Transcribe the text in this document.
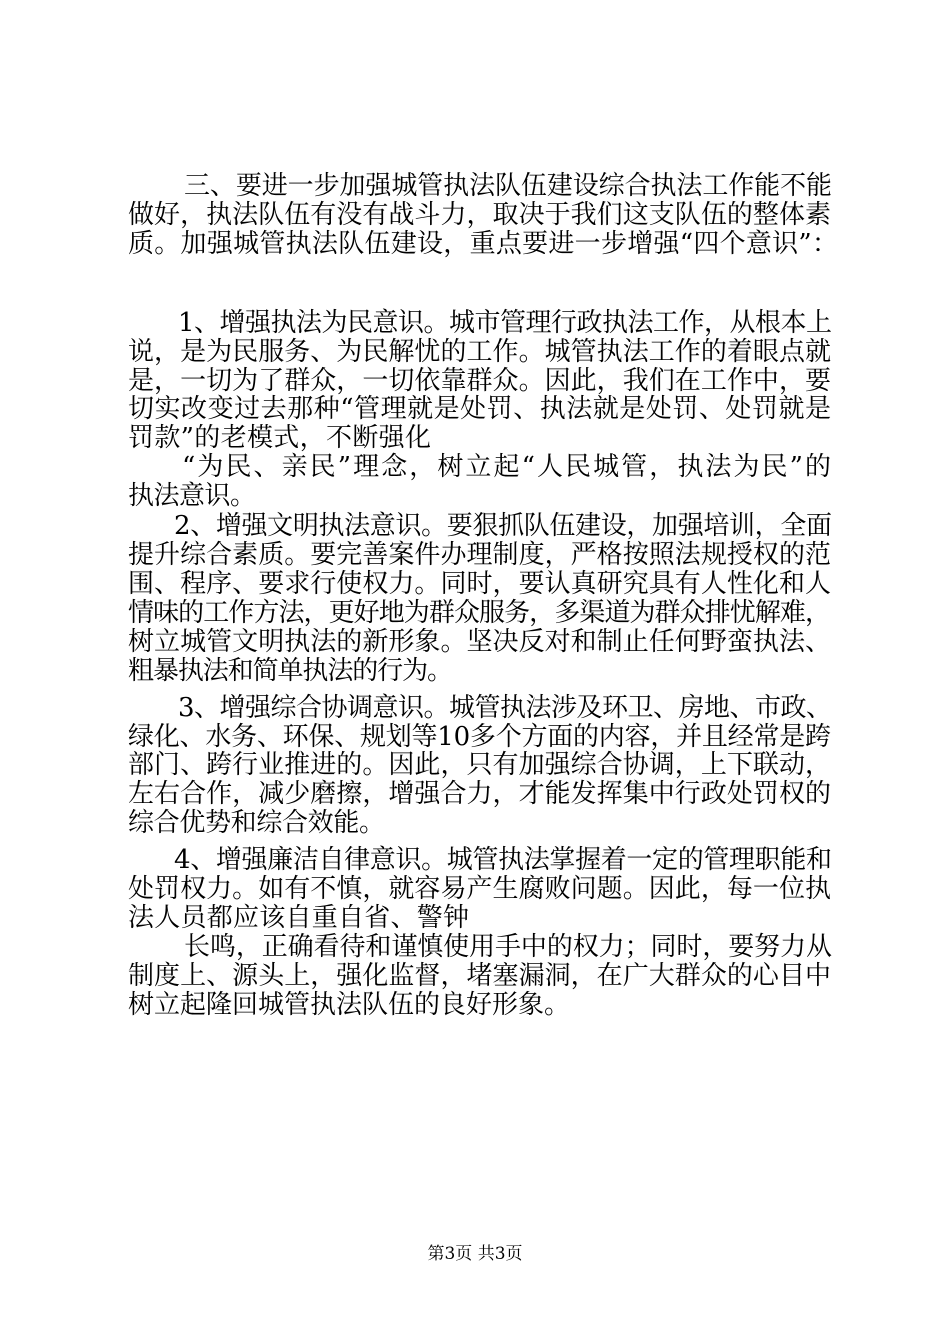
三、要进一步加强城管执法队伍建设综合执法工作能不能

做好，执法队伍有没有战斗力，取决于我们这支队伍的整体素

质。加强城管执法队伍建设，重点要进一步增强“四个意识”：

1、增强执法为民意识。城市管理行政执法工作，从根本上

说，是为民服务、为民解忧的工作。城管执法工作的着眼点就

是，一切为了群众，一切依靠群众。因此，我们在工作中，要

切实改变过去那种“管理就是处罚、执法就是处罚、处罚就是

罚款”的老模式，不断强化

“为民、亲民”理念，树立起“人民城管，执法为民”的

执法意识。

2、增强文明执法意识。要狠抓队伍建设，加强培训，全面

提升综合素质。要完善案件办理制度，严格按照法规授权的范

围、程序、要求行使权力。同时，要认真研究具有人性化和人

情味的工作方法，更好地为群众服务，多渠道为群众排忧解难，

树立城管文明执法的新形象。坚决反对和制止任何野蛮执法、

粗暴执法和简单执法的行为。

3、增强综合协调意识。城管执法涉及环卫、房地、市政、

绿化、水务、环保、规划等10多个方面的内容，并且经常是跨

部门、跨行业推进的。因此，只有加强综合协调，上下联动，

左右合作，减少磨擦，增强合力，才能发挥集中行政处罚权的

综合优势和综合效能。

4、增强廉洁自律意识。城管执法掌握着一定的管理职能和

处罚权力。如有不慎，就容易产生腐败问题。因此，每一位执

法人员都应该自重自省、警钟

长鸣，正确看待和谨慎使用手中的权力；同时，要努力从

制度上、源头上，强化监督，堵塞漏洞，在广大群众的心目中

树立起隆回城管执法队伍的良好形象。

第3页 共3页
